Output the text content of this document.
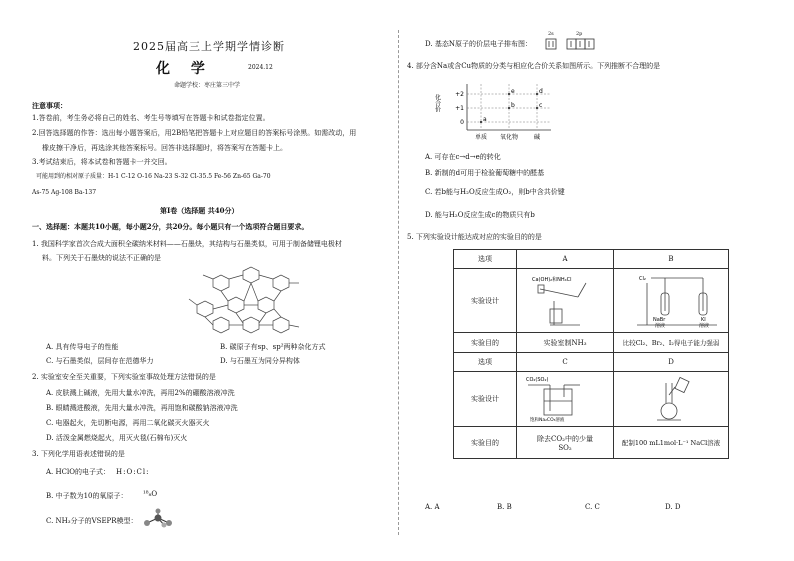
2025届高三上学期学情诊断
化 学	2024.12
命题学校：枣庄第三中学
注意事项：
1.答卷前，考生务必将自己的姓名、考生号等填写在答题卡和试卷指定位置。
2.回答选择题的作答：选出每小题答案后，用2B铅笔把答题卡上对应题目的答案标号涂黑。如需改动，用
橡皮擦干净后，再选涂其他答案标号。回答非选择题时，将答案写在答题卡上。
3.考试结束后，将本试卷和答题卡一并交回。
可能用到的相对原子质量：H-1 C-12 O-16 Na-23 S-32 Cl-35.5 Fe-56 Zn-65 Ga-70
As-75 Ag-108 Ba-137
第Ⅰ卷（选择题 共40分）
一、选择题：本题共10小题，每小题2分，共20分。每小题只有一个选项符合题目要求。
1. 我国科学家首次合成大面积全碳纳米材料——石墨炔，其结构与石墨类似，可用于制备储锂电极材
料。下列关于石墨炔的说法不正确的是
A. 具有传导电子的性能	B. 碳原子有sp、sp²两种杂化方式
C. 与石墨类似，层间存在范德华力	D. 与石墨互为同分异构体
2. 实验室安全至关重要，下列实验室事故处理方法错误的是
A. 皮肤溅上碱液，先用大量水冲洗，再用2%的硼酸溶液冲洗
B. 眼睛溅进酸液，先用大量水冲洗，再用饱和碳酸钠溶液冲洗
C. 电器起火，先切断电源，再用二氧化碳灭火器灭火
D. 活泼金属燃烧起火，用灭火毯(石棉布)灭火
3. 下列化学用语表述错误的是
A. HClO的电子式： H:O:Cl:
B. 中子数为10的氧原子： ¹⁸₈O
C. NH₃分子的VSEPR模型：
D. 基态N原子的价层电子排布图：
2s	2p
4. 部分含Na或含Cu物质的分类与相应化合价关系如图所示。下列推断不合理的是
+2
+1
0
单质 氧化物	碱
a
b	c
d
e
化合价
A. 可存在c→d→e的转化
B. 新制的d可用于检验葡萄糖中的醛基
C. 若b能与H₂O反应生成O₂，则b中含共价键
D. 能与H₂O反应生成c的物质只有b
5. 下列实验设计能达成对应的实验目的的是
选项	A	B
实验设计	Ca(OH)₂和NH₄Cl	Cl₂
NaBr
溶液
KI
溶液

实验目的	实验室制NH₃	比较Cl₂、Br₂、I₂得电子能力强弱
选项	C	D
实验设计	CO₂(SO₂)
饱和Na₂CO₃溶液

实验目的	除去CO₂中的少量
SO₂	配制100 mL1mol·L⁻¹ NaCl溶液
A. A	B. B	C. C	D. D
